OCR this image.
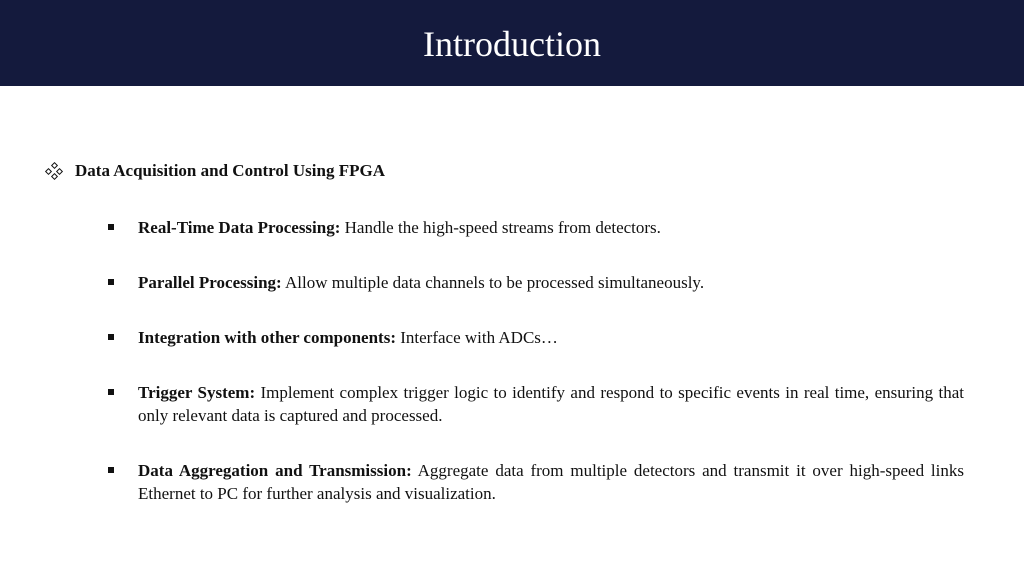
Introduction
Data Acquisition and Control Using FPGA
Real-Time Data Processing: Handle the high-speed streams from detectors.
Parallel Processing: Allow multiple data channels to be processed simultaneously.
Integration with other components: Interface with ADCs…
Trigger System: Implement complex trigger logic to identify and respond to specific events in real time, ensuring that only relevant data is captured and processed.
Data Aggregation and Transmission: Aggregate data from multiple detectors and transmit it over high-speed links Ethernet to PC for further analysis and visualization.
